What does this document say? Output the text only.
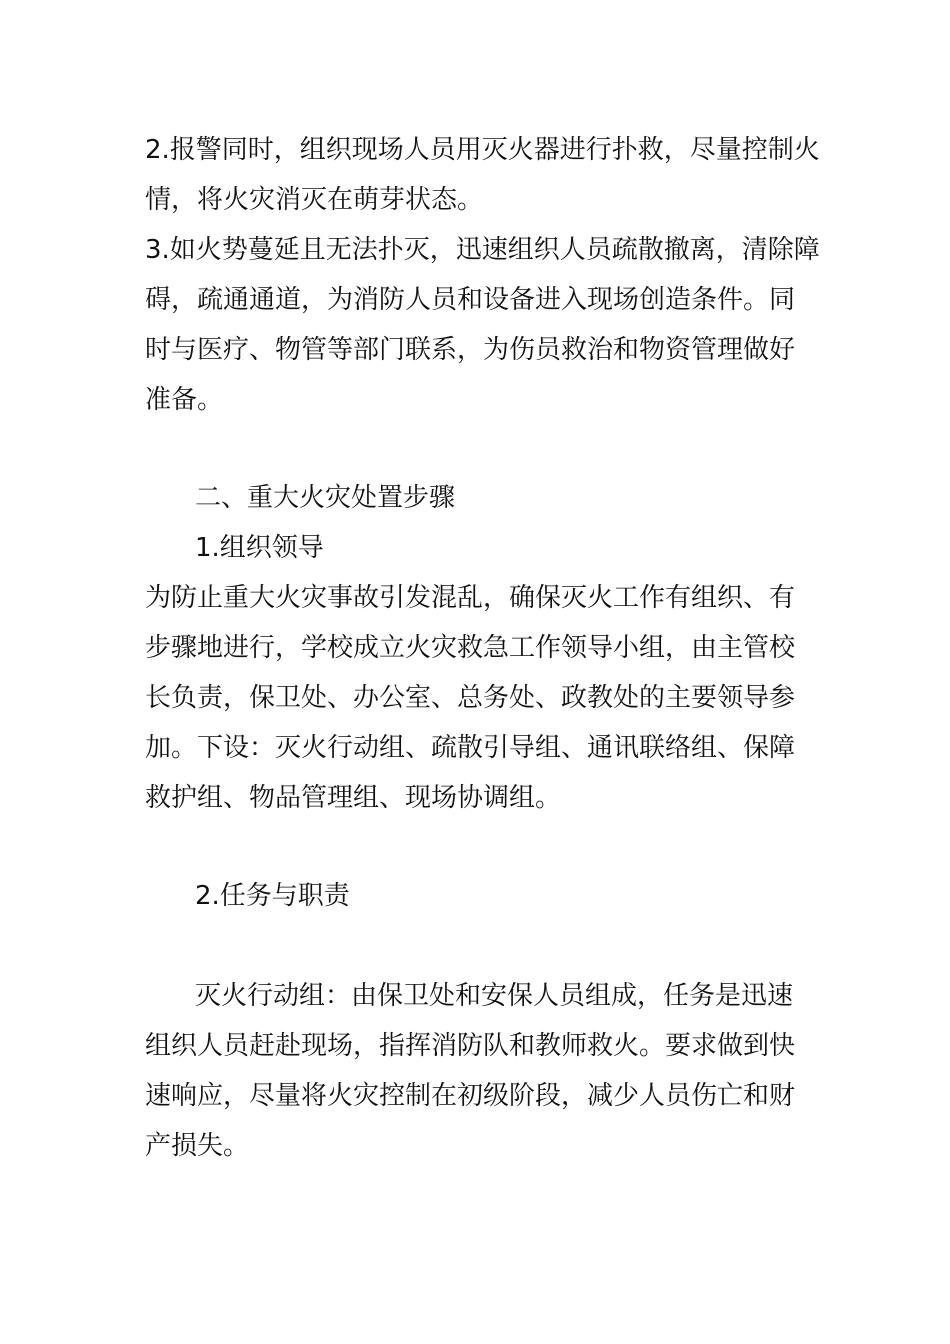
2.报警同时，组织现场人员用灭火器进行扑救，尽量控制火
情，将火灾消灭在萌芽状态。
3.如火势蔓延且无法扑灭，迅速组织人员疏散撤离，清除障
碍，疏通通道，为消防人员和设备进入现场创造条件。同
时与医疗、物管等部门联系，为伤员救治和物资管理做好
准备。
二、重大火灾处置步骤
1.组织领导
为防止重大火灾事故引发混乱，确保灭火工作有组织、有
步骤地进行，学校成立火灾救急工作领导小组，由主管校
长负责，保卫处、办公室、总务处、政教处的主要领导参
加。下设：灭火行动组、疏散引导组、通讯联络组、保障
救护组、物品管理组、现场协调组。
2.任务与职责
灭火行动组：由保卫处和安保人员组成，任务是迅速
组织人员赶赴现场，指挥消防队和教师救火。要求做到快
速响应，尽量将火灾控制在初级阶段，减少人员伤亡和财
产损失。
